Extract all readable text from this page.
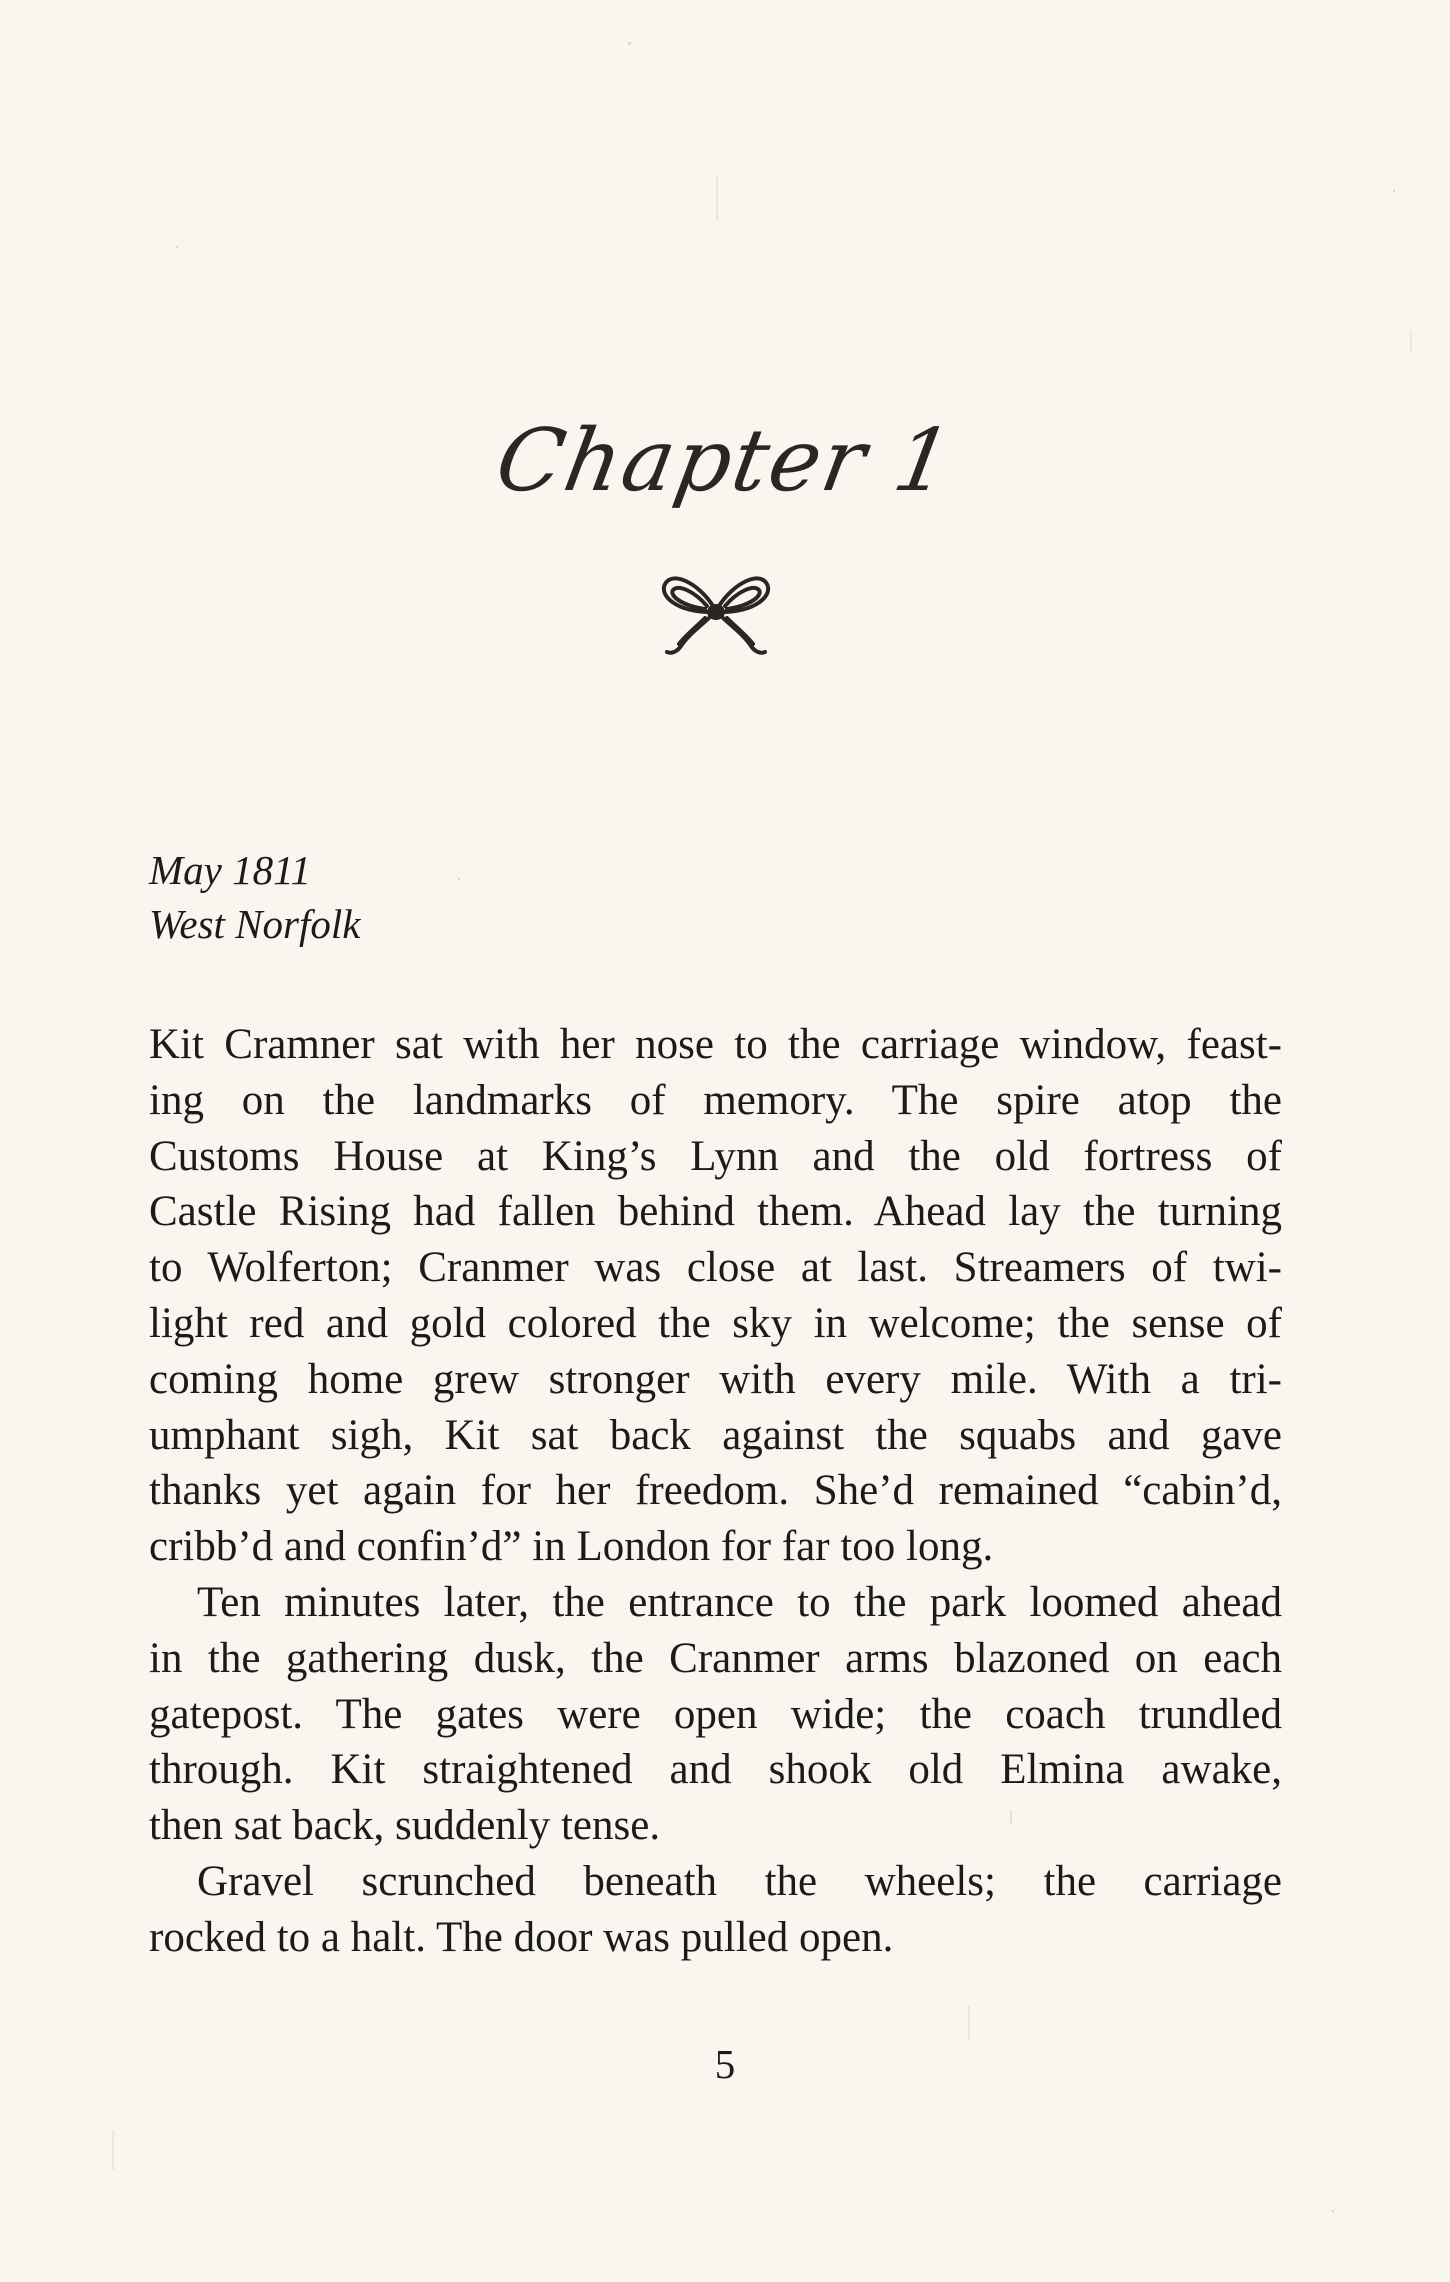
Chapter 1
May 1811
West Norfolk
Kit Cramner sat with her nose to the carriage window, feast-
ing on the landmarks of memory. The spire atop the
Customs House at King’s Lynn and the old fortress of
Castle Rising had fallen behind them. Ahead lay the turning
to Wolferton; Cranmer was close at last. Streamers of twi-
light red and gold colored the sky in welcome; the sense of
coming home grew stronger with every mile. With a tri-
umphant sigh, Kit sat back against the squabs and gave
thanks yet again for her freedom. She’d remained “cabin’d,
cribb’d and confin’d” in London for far too long.
Ten minutes later, the entrance to the park loomed ahead
in the gathering dusk, the Cranmer arms blazoned on each
gatepost. The gates were open wide; the coach trundled
through. Kit straightened and shook old Elmina awake,
then sat back, suddenly tense.
Gravel scrunched beneath the wheels; the carriage
rocked to a halt. The door was pulled open.
5
